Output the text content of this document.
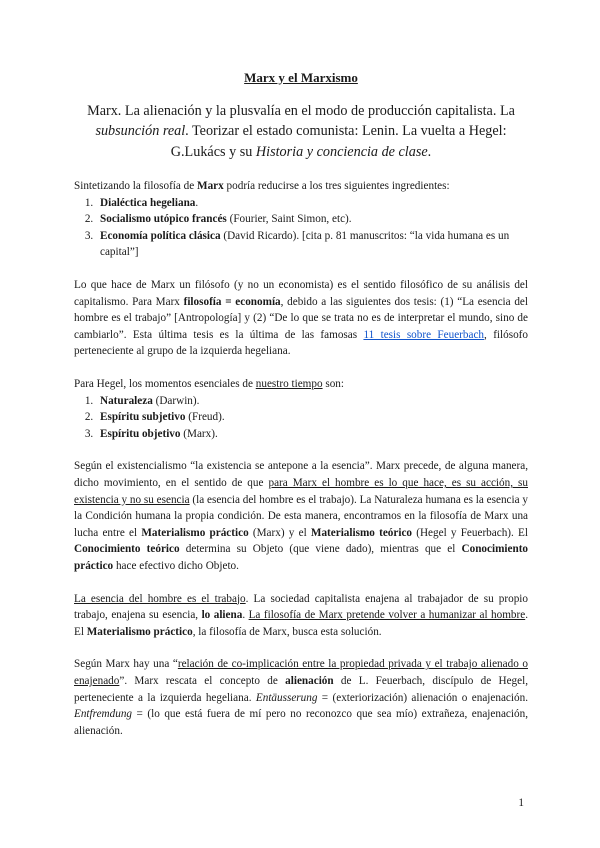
Marx y el Marxismo
Marx. La alienación y la plusvalía en el modo de producción capitalista. La subsunción real. Teorizar el estado comunista: Lenin. La vuelta a Hegel: G.Lukács y su Historia y conciencia de clase.

Sintetizando la filosofía de Marx podría reducirse a los tres siguientes ingredientes:

1. Dialéctica hegeliana.
2. Socialismo utópico francés (Fourier, Saint Simon, etc).
3. Economía política clásica (David Ricardo). [cita p. 81 manuscritos: “la vida humana es un capital”]

Lo que hace de Marx un filósofo (y no un economista) es el sentido filosófico de su análisis del capitalismo. Para Marx filosofía = economía, debido a las siguientes dos tesis: (1) “La esencia del hombre es el trabajo” [Antropología] y (2) “De lo que se trata no es de interpretar el mundo, sino de cambiarlo”. Esta última tesis es la última de las famosas 11 tesis sobre Feuerbach, filósofo perteneciente al grupo de la izquierda hegeliana.

Para Hegel, los momentos esenciales de nuestro tiempo son:

1. Naturaleza (Darwin).
2. Espíritu subjetivo (Freud).
3. Espíritu objetivo (Marx).

Según el existencialismo “la existencia se antepone a la esencia”. Marx precede, de alguna manera, dicho movimiento, en el sentido de que para Marx el hombre es lo que hace, es su acción, su existencia y no su esencia (la esencia del hombre es el trabajo). La Naturaleza humana es la esencia y la Condición humana la propia condición. De esta manera, encontramos en la filosofía de Marx una lucha entre el Materialismo práctico (Marx) y el Materialismo teórico (Hegel y Feuerbach). El Conocimiento teórico determina su Objeto (que viene dado), mientras que el Conocimiento práctico hace efectivo dicho Objeto.

La esencia del hombre es el trabajo. La sociedad capitalista enajena al trabajador de su propio trabajo, enajena su esencia, lo aliena. La filosofía de Marx pretende volver a humanizar al hombre. El Materialismo práctico, la filosofía de Marx, busca esta solución.

Según Marx hay una “relación de co-implicación entre la propiedad privada y el trabajo alienado o enajenado”. Marx rescata el concepto de alienación de L. Feuerbach, discípulo de Hegel, perteneciente a la izquierda hegeliana. Entäusserung = (exteriorización) alienación o enajenación. Entfremdung = (lo que está fuera de mí pero no reconozco que sea mío) extrañeza, enajenación, alienación.

1
